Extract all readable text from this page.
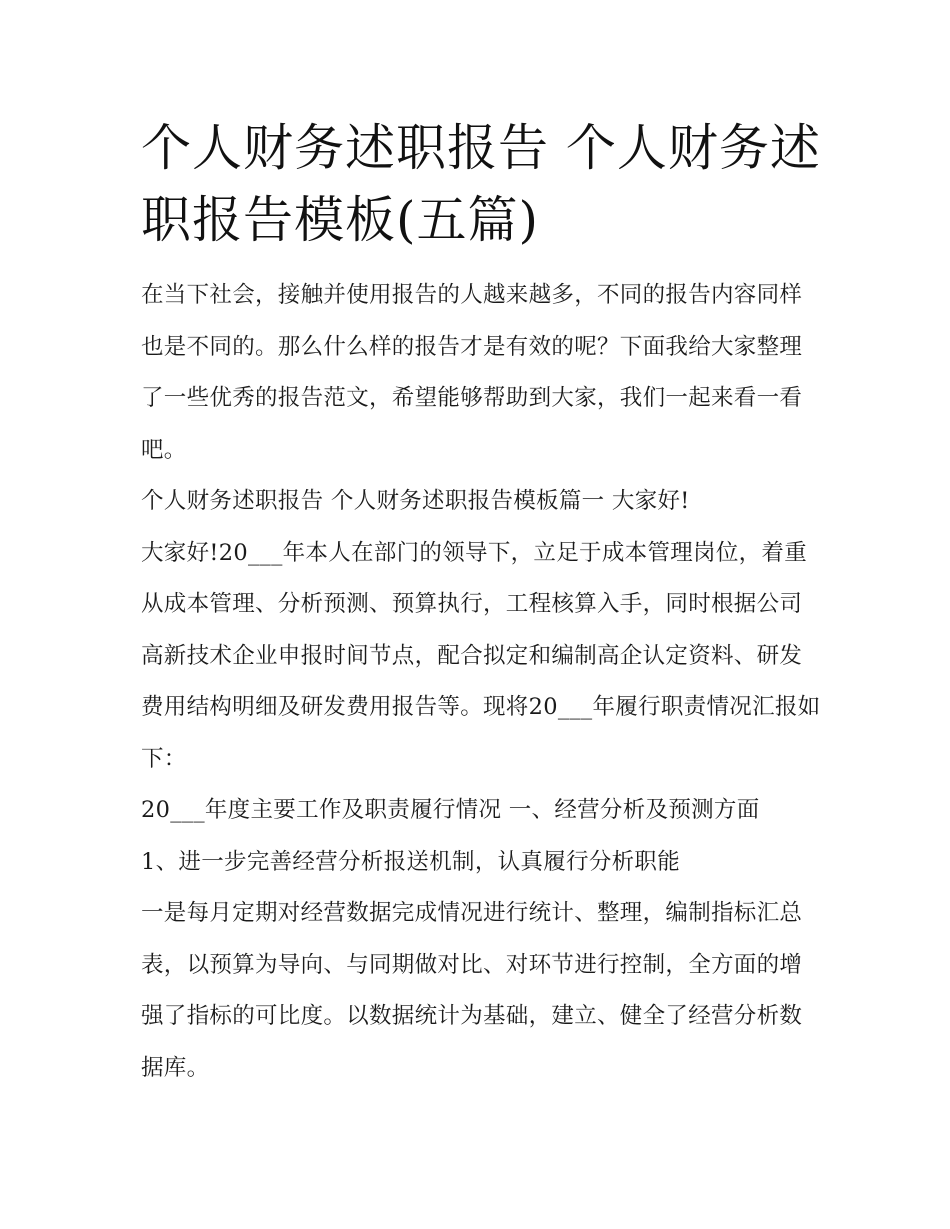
个人财务述职报告 个人财务述职报告模板(五篇)

在当下社会，接触并使用报告的人越来越多，不同的报告内容同样也是不同的。那么什么样的报告才是有效的呢？下面我给大家整理了一些优秀的报告范文，希望能够帮助到大家，我们一起来看一看吧。

个人财务述职报告 个人财务述职报告模板篇一 大家好!

大家好!20___年本人在部门的领导下，立足于成本管理岗位，着重从成本管理、分析预测、预算执行，工程核算入手，同时根据公司高新技术企业申报时间节点，配合拟定和编制高企认定资料、研发费用结构明细及研发费用报告等。现将20___年履行职责情况汇报如下：

20___年度主要工作及职责履行情况 一、经营分析及预测方面

1、进一步完善经营分析报送机制，认真履行分析职能

一是每月定期对经营数据完成情况进行统计、整理，编制指标汇总表，以预算为导向、与同期做对比、对环节进行控制，全方面的增强了指标的可比度。以数据统计为基础，建立、健全了经营分析数据库。
